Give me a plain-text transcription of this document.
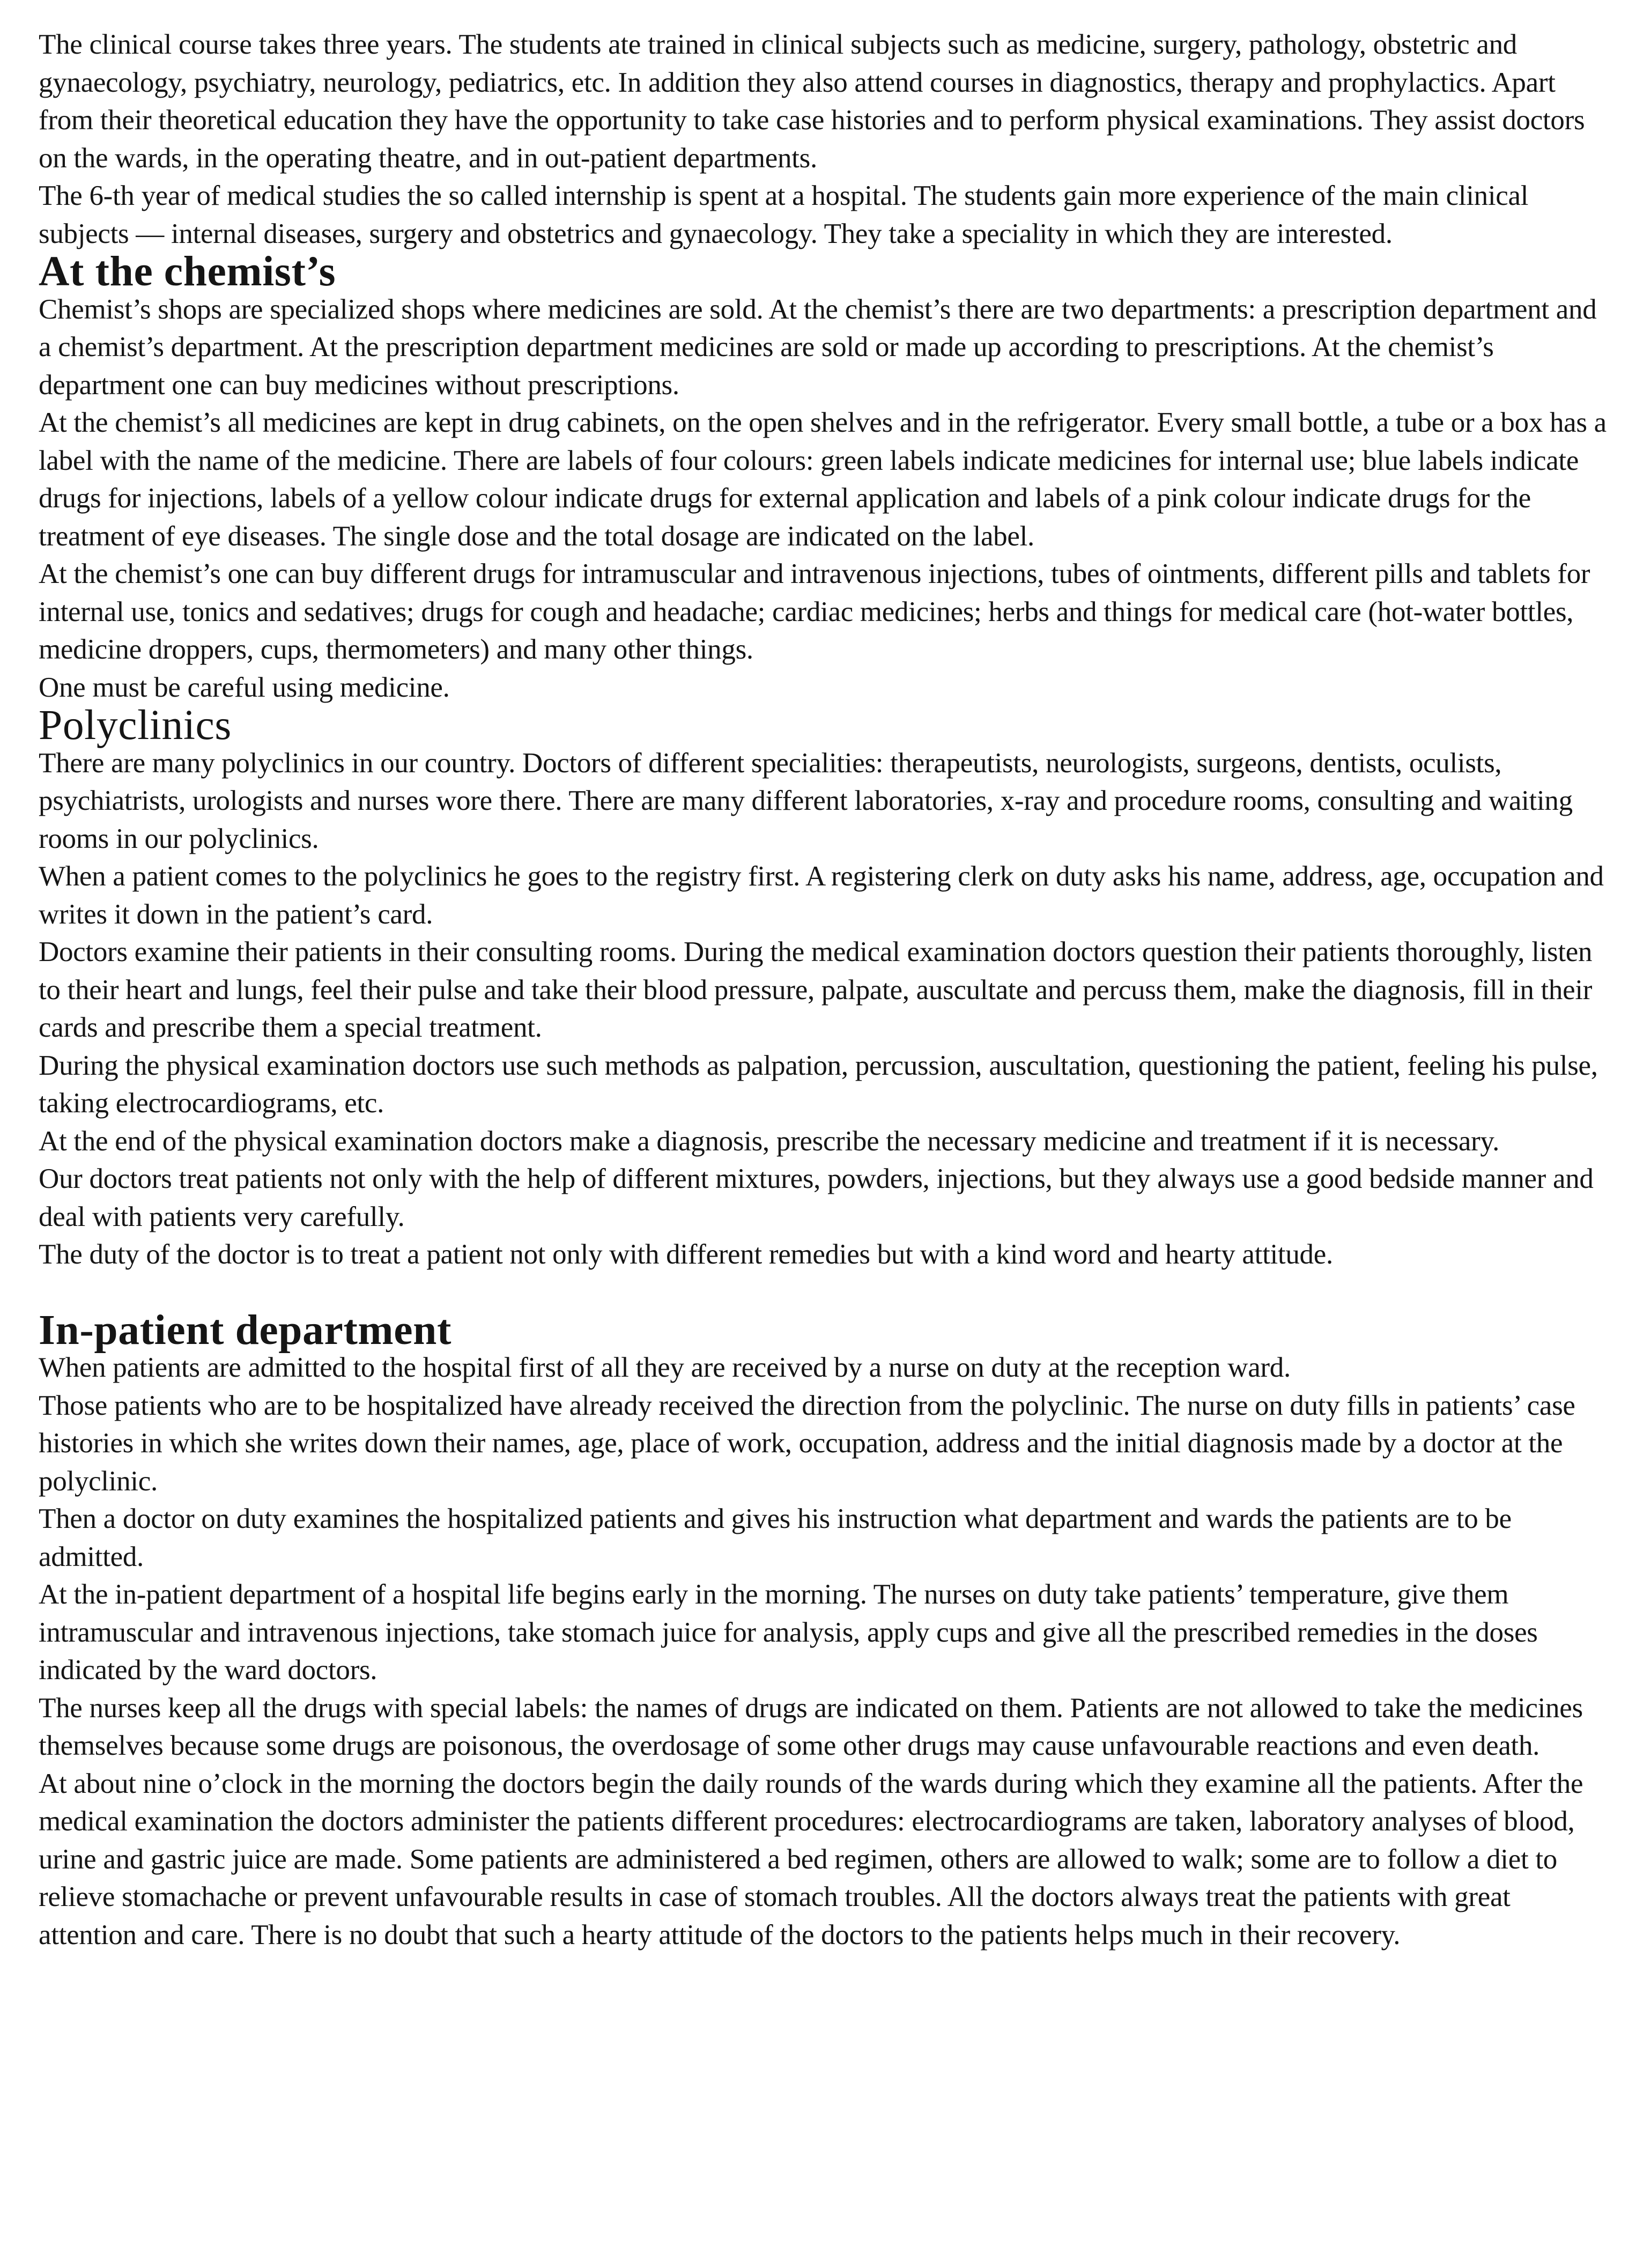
The clinical course takes three years. The students ate trained in clinical subjects such as medicine, surgery, pathology, obstetric and gynaecology, psychiatry, neurology, pediatrics, etc. In addition they also attend courses in diagnostics, therapy and prophylactics. Apart from their theoretical education they have the opportunity to take case histories and to perform physical examinations. They assist doctors on the wards, in the operating theatre, and in out-patient departments.

The 6-th year of medical studies the so called internship is spent at a hospital. The students gain more experience of the main clinical subjects — internal diseases, surgery and obstetrics and gynaecology. They take a speciality in which they are interested.

At the chemist’s

Chemist’s shops are specialized shops where medicines are sold. At the chemist’s there are two departments: a prescription department and a chemist’s department. At the prescription department medicines are sold or made up according to prescriptions. At the chemist’s department one can buy medicines without prescriptions.

At the chemist’s all medicines are kept in drug cabinets, on the open shelves and in the refrigerator. Every small bottle, a tube or a box has a label with the name of the medicine. There are labels of four colours: green labels indicate medicines for internal use; blue labels indicate drugs for injections, labels of a yellow colour indicate drugs for external application and labels of a pink colour indicate drugs for the treatment of eye diseases. The single dose and the total dosage are indicated on the label.

At the chemist’s one can buy different drugs for intramuscular and intravenous injections, tubes of ointments, different pills and tablets for internal use, tonics and sedatives; drugs for cough and headache; cardiac medicines; herbs and things for medical care (hot-water bottles, medicine droppers, cups, thermometers) and many other things.

One must be careful using medicine.

Polyclinics

There are many polyclinics in our country. Doctors of different specialities: therapeutists, neurologists, surgeons, dentists, oculists, psychiatrists, urologists and nurses wore there. There are many different laboratories, x-ray and procedure rooms, consulting and waiting rooms in our polyclinics.

When a patient comes to the polyclinics he goes to the registry first. A registering clerk on duty asks his name, address, age, occupation and writes it down in the patient’s card.

Doctors examine their patients in their consulting rooms. During the medical examination doctors question their patients thoroughly, listen to their heart and lungs, feel their pulse and take their blood pressure, palpate, auscultate and percuss them, make the diagnosis, fill in their cards and prescribe them a special treatment.

During the physical examination doctors use such methods as palpation, percussion, auscultation, questioning the patient, feeling his pulse, taking electrocardiograms, etc.

At the end of the physical examination doctors make a diagnosis, prescribe the necessary medicine and treatment if it is necessary.

Our doctors treat patients not only with the help of different mixtures, powders, injections, but they always use a good bedside manner and deal with patients very carefully.

The duty of the doctor is to treat a patient not only with different remedies but with a kind word and hearty attitude.

In-patient department

When patients are admitted to the hospital first of all they are received by a nurse on duty at the reception ward.

Those patients who are to be hospitalized have already received the direction from the polyclinic. The nurse on duty fills in patients’ case histories in which she writes down their names, age, place of work, occupation, address and the initial diagnosis made by a doctor at the polyclinic.

Then a doctor on duty examines the hospitalized patients and gives his instruction what department and wards the patients are to be admitted.

At the in-patient department of a hospital life begins early in the morning. The nurses on duty take patients’ temperature, give them intramuscular and intravenous injections, take stomach juice for analysis, apply cups and give all the prescribed remedies in the doses indicated by the ward doctors.

The nurses keep all the drugs with special labels: the names of drugs are indicated on them. Patients are not allowed to take the medicines themselves because some drugs are poisonous, the overdosage of some other drugs may cause unfavourable reactions and even death.

At about nine o’clock in the morning the doctors begin the daily rounds of the wards during which they examine all the patients. After the medical examination the doctors administer the patients different procedures: electrocardiograms are taken, laboratory analyses of blood, urine and gastric juice are made. Some patients are administered a bed regimen, others are allowed to walk; some are to follow a diet to relieve stomachache or prevent unfavourable results in case of stomach troubles. All the doctors always treat the patients with great attention and care. There is no doubt that such a hearty attitude of the doctors to the patients helps much in their recovery.
